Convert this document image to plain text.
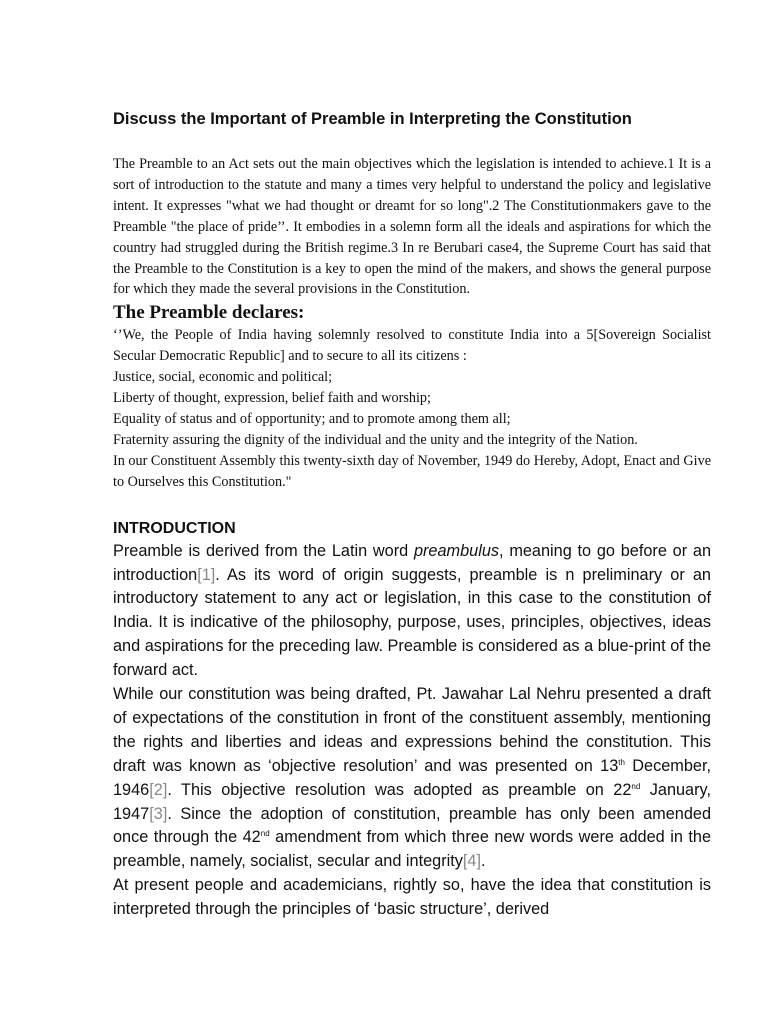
Discuss the Important of Preamble in Interpreting the Constitution

The Preamble to an Act sets out the main objectives which the legislation is intended to achieve.1 It is a sort of introduction to the statute and many a times very helpful to understand the policy and legislative intent. It expresses "what we had thought or dreamt for so long".2 The Constitutionmakers gave to the Preamble "the place of pride’’. It embodies in a solemn form all the ideals and aspirations for which the country had struggled during the British regime.3 In re Berubari case4, the Supreme Court has said that the Preamble to the Constitution is a key to open the mind of the makers, and shows the general purpose for which they made the several provisions in the Constitution.

The Preamble declares:

‘’We, the People of India having solemnly resolved to constitute India into a 5[Sovereign Socialist Secular Democratic Republic] and to secure to all its citizens :

Justice, social, economic and political;

Liberty of thought, expression, belief faith and worship;

Equality of status and of opportunity; and to promote among them all;

Fraternity assuring the dignity of the individual and the unity and the integrity of the Nation.

In our Constituent Assembly this twenty-sixth day of November, 1949 do Hereby, Adopt, Enact and Give to Ourselves this Constitution."

INTRODUCTION

Preamble is derived from the Latin word preambulus, meaning to go before or an introduction[1]. As its word of origin suggests, preamble is n preliminary or an introductory statement to any act or legislation, in this case to the constitution of India. It is indicative of the philosophy, purpose, uses, principles, objectives, ideas and aspirations for the preceding law. Preamble is considered as a blue-print of the forward act.

While our constitution was being drafted, Pt. Jawahar Lal Nehru presented a draft of expectations of the constitution in front of the constituent assembly, mentioning the rights and liberties and ideas and expressions behind the constitution. This draft was known as ‘objective resolution’ and was presented on 13th December, 1946[2]. This objective resolution was adopted as preamble on 22nd January, 1947[3]. Since the adoption of constitution, preamble has only been amended once through the 42nd amendment from which three new words were added in the preamble, namely, socialist, secular and integrity[4].

At present people and academicians, rightly so, have the idea that constitution is interpreted through the principles of ‘basic structure’, derived
